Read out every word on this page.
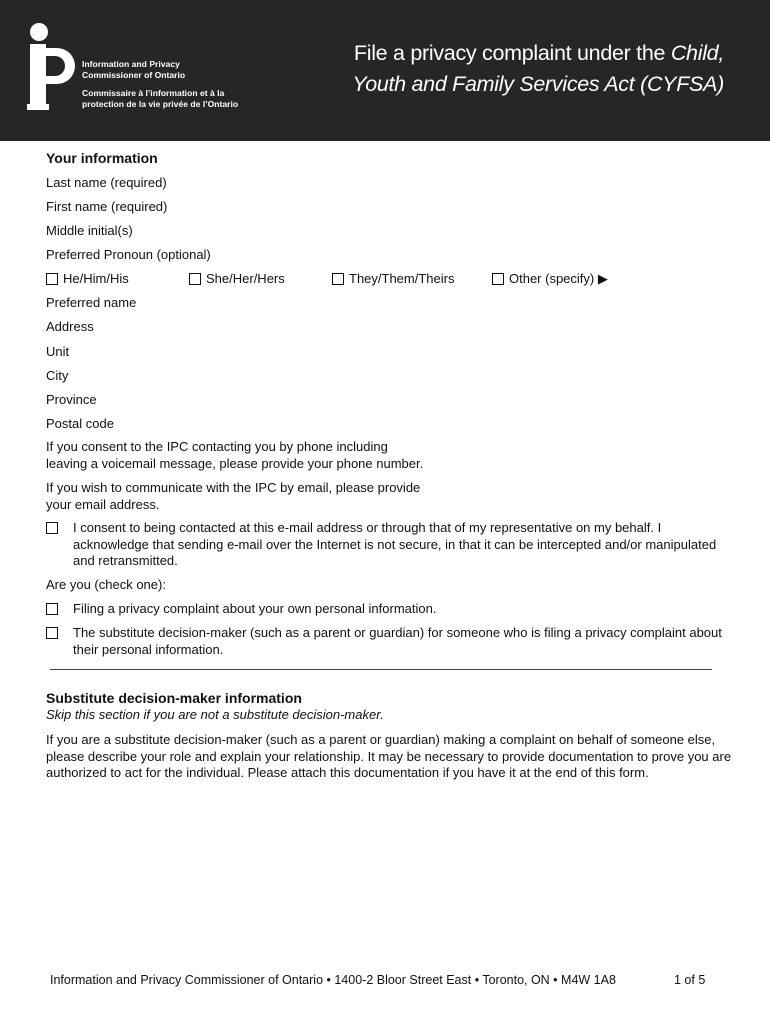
Information and Privacy
Commissioner of Ontario
Commissaire à l’information et à la
protection de la vie privée de l’Ontario
File a privacy complaint under the Child,
Youth and Family Services Act (CYFSA)
Your information
Last name (required)
First name (required)
Middle initial(s)
Preferred Pronoun (optional)
He/Him/His	She/Her/Hers	They/Them/Theirs	Other (specify) ▶
Preferred name
Address
Unit
City
Province
Postal code
If you consent to the IPC contacting you by phone including
leaving a voicemail message, please provide your phone number.
If you wish to communicate with the IPC by email, please provide
your email address.
I consent to being contacted at this e-mail address or through that of my representative on my behalf. I acknowledge that sending e-mail over the Internet is not secure, in that it can be intercepted and/or manipulated and retransmitted.
Are you (check one):
Filing a privacy complaint about your own personal information.
The substitute decision-maker (such as a parent or guardian) for someone who is filing a privacy complaint about their personal information.
Substitute decision-maker information
Skip this section if you are not a substitute decision-maker.
If you are a substitute decision-maker (such as a parent or guardian) making a complaint on behalf of someone else, please describe your role and explain your relationship. It may be necessary to provide documentation to prove you are authorized to act for the individual. Please attach this documentation if you have it at the end of this form.
Information and Privacy Commissioner of Ontario • 1400-2 Bloor Street East • Toronto, ON • M4W 1A8	1 of 5
